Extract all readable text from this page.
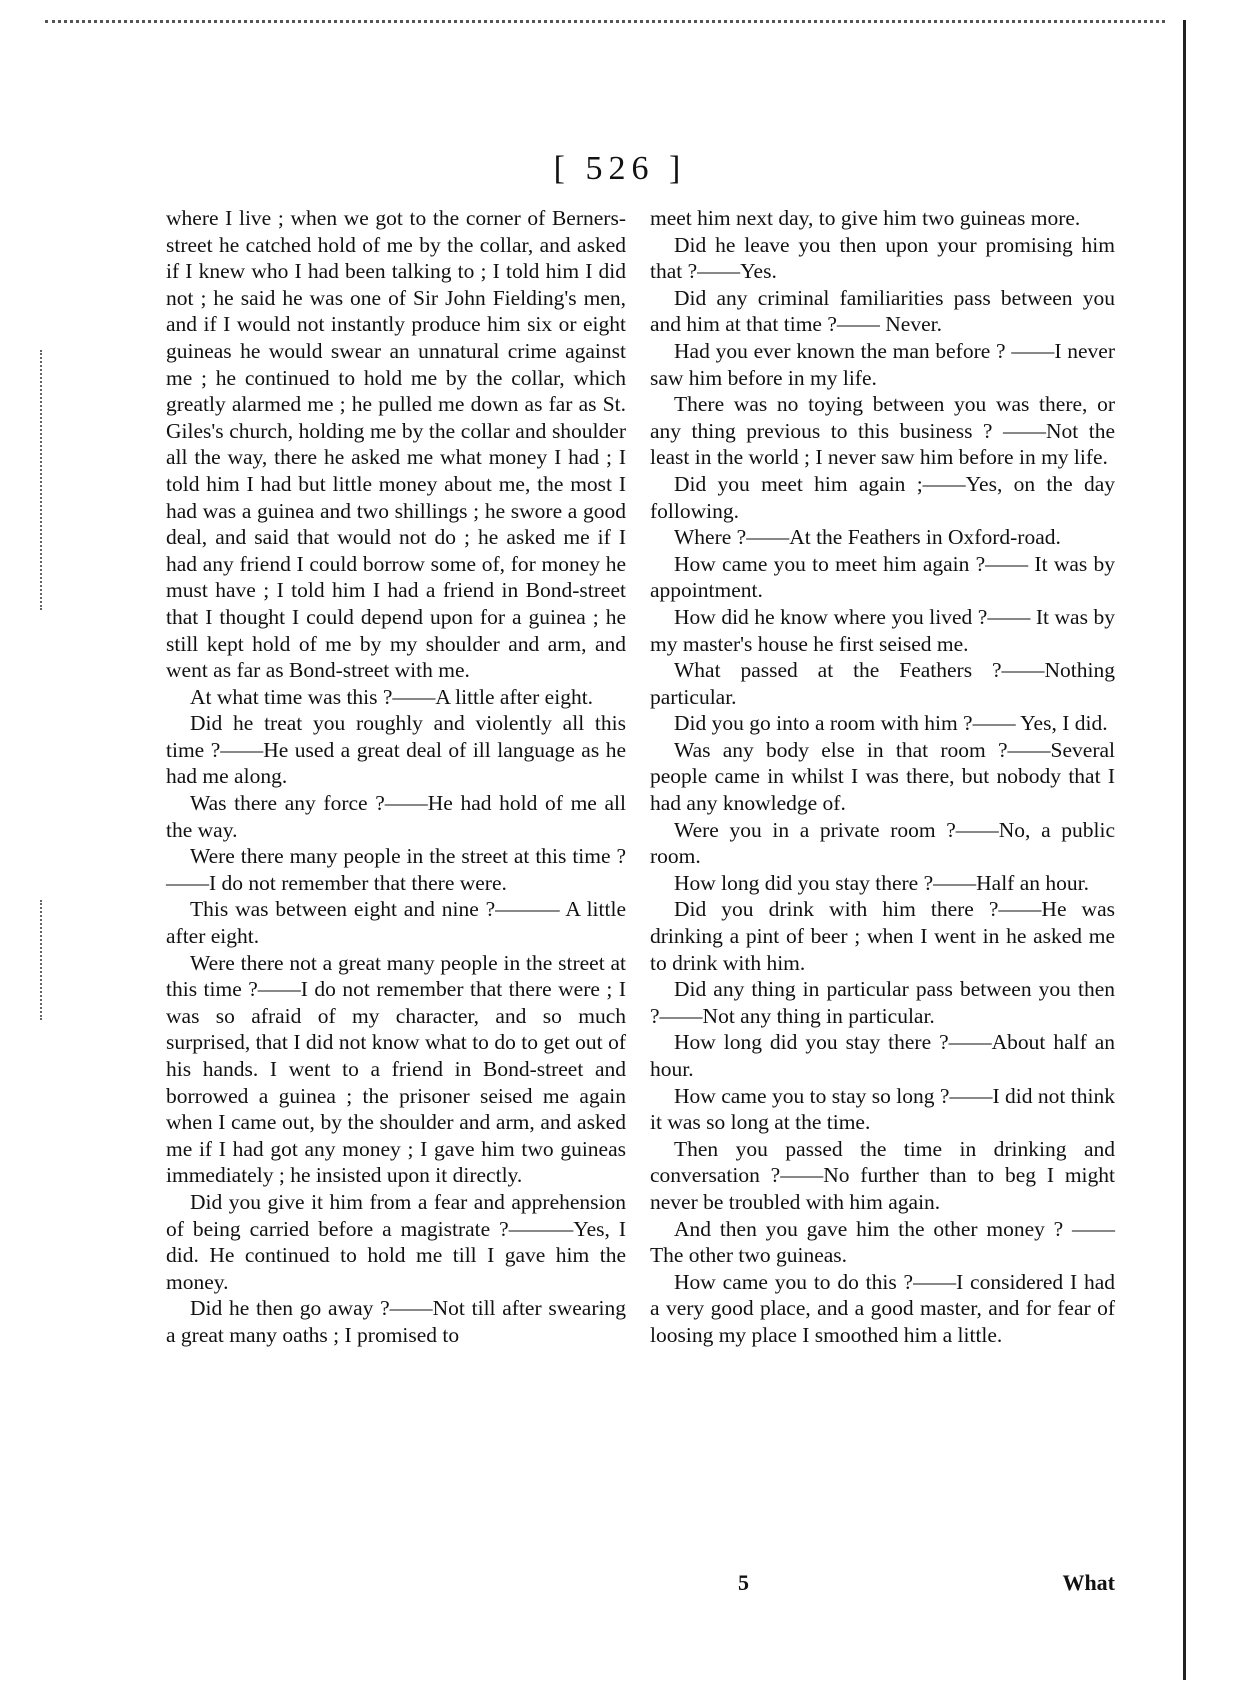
[ 526 ]

where I live ; when we got to the corner of Berners-street he catched hold of me by the collar, and asked if I knew who I had been talking to ; I told him I did not ; he said he was one of Sir John Fielding's men, and if I would not instantly produce him six or eight guineas he would swear an unnatural crime against me ; he continued to hold me by the collar, which greatly alarmed me ; he pulled me down as far as St. Giles's church, holding me by the collar and shoulder all the way, there he asked me what money I had ; I told him I had but little money about me, the most I had was a guinea and two shillings ; he swore a good deal, and said that would not do ; he asked me if I had any friend I could borrow some of, for money he must have ; I told him I had a friend in Bond-street that I thought I could depend upon for a guinea ; he still kept hold of me by my shoulder and arm, and went as far as Bond-street with me.

At what time was this ?——A little after eight.

Did he treat you roughly and violently all this time ?——He used a great deal of ill language as he had me along.

Was there any force ?——He had hold of me all the way.

Were there many people in the street at this time ?——I do not remember that there were.

This was between eight and nine ?——— A little after eight.

Were there not a great many people in the street at this time ?——I do not remember that there were ; I was so afraid of my character, and so much surprised, that I did not know what to do to get out of his hands. I went to a friend in Bond-street and borrowed a guinea ; the prisoner seised me again when I came out, by the shoulder and arm, and asked me if I had got any money ; I gave him two guineas immediately ; he insisted upon it directly.

Did you give it him from a fear and apprehension of being carried before a magistrate ?———Yes, I did. He continued to hold me till I gave him the money.

Did he then go away ?——Not till after swearing a great many oaths ; I promised to

meet him next day, to give him two guineas more.

Did he leave you then upon your promising him that ?——Yes.

Did any criminal familiarities pass between you and him at that time ?—— Never.

Had you ever known the man before ? ——I never saw him before in my life.

There was no toying between you was there, or any thing previous to this business ? ——Not the least in the world ; I never saw him before in my life.

Did you meet him again ;——Yes, on the day following.

Where ?——At the Feathers in Oxford-road.

How came you to meet him again ?—— It was by appointment.

How did he know where you lived ?—— It was by my master's house he first seised me.

What passed at the Feathers ?——Nothing particular.

Did you go into a room with him ?—— Yes, I did.

Was any body else in that room ?——Several people came in whilst I was there, but nobody that I had any knowledge of.

Were you in a private room ?——No, a public room.

How long did you stay there ?——Half an hour.

Did you drink with him there ?——He was drinking a pint of beer ; when I went in he asked me to drink with him.

Did any thing in particular pass between you then ?——Not any thing in particular.

How long did you stay there ?——About half an hour.

How came you to stay so long ?——I did not think it was so long at the time.

Then you passed the time in drinking and conversation ?——No further than to beg I might never be troubled with him again.

And then you gave him the other money ? ——The other two guineas.

How came you to do this ?——I considered I had a very good place, and a good master, and for fear of loosing my place I smoothed him a little.

5	What
